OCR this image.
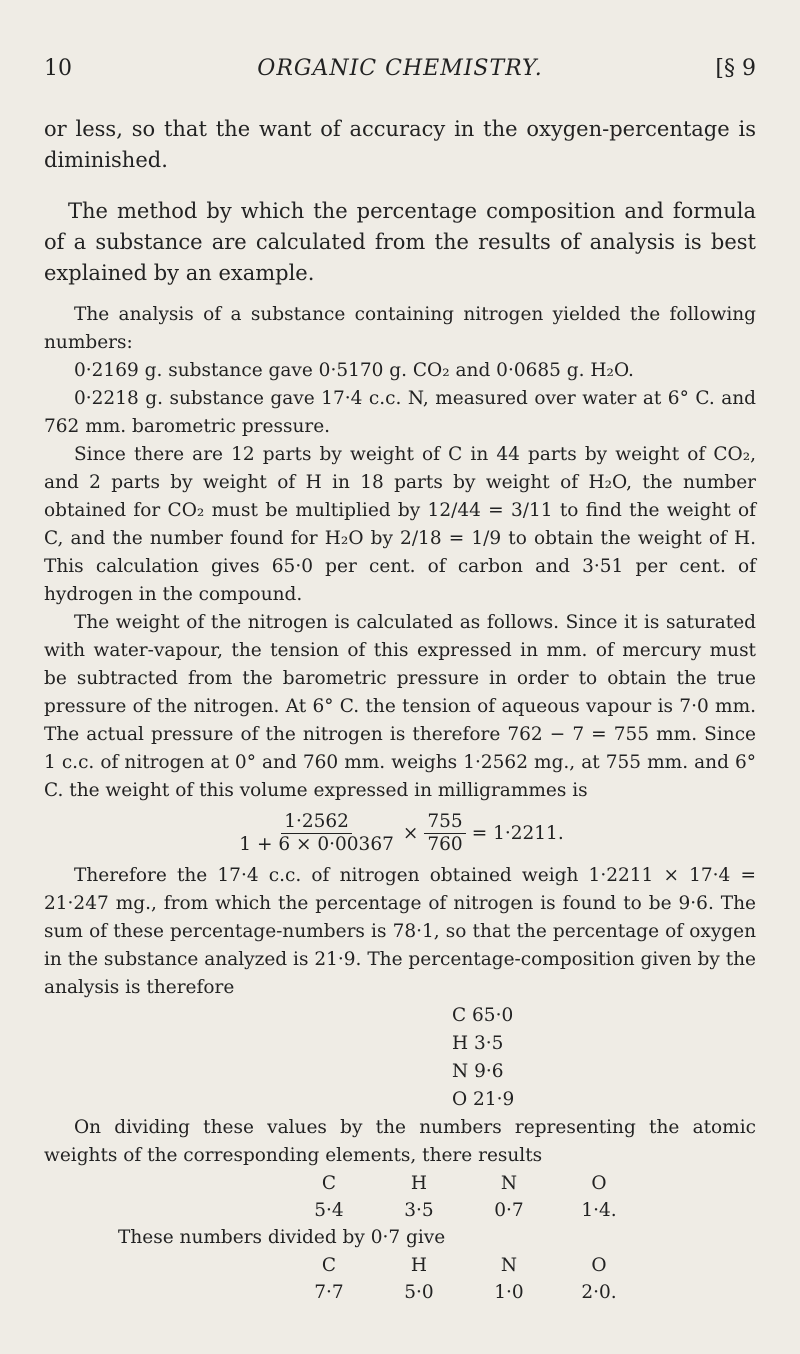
10	ORGANIC CHEMISTRY.	[§ 9

or less, so that the want of accuracy in the oxygen-percentage is diminished.

The method by which the percentage composition and formula of a substance are calculated from the results of analysis is best explained by an example.

The analysis of a substance containing nitrogen yielded the following numbers:

0·2169 g. substance gave 0·5170 g. CO₂ and 0·0685 g. H₂O.

0·2218 g. substance gave 17·4 c.c. N, measured over water at 6° C. and 762 mm. barometric pressure.

Since there are 12 parts by weight of C in 44 parts by weight of CO₂, and 2 parts by weight of H in 18 parts by weight of H₂O, the number obtained for CO₂ must be multiplied by 12/44 = 3/11 to find the weight of C, and the number found for H₂O by 2/18 = 1/9 to obtain the weight of H. This calculation gives 65·0 per cent. of carbon and 3·51 per cent. of hydrogen in the compound.

The weight of the nitrogen is calculated as follows. Since it is saturated with water-vapour, the tension of this expressed in mm. of mercury must be subtracted from the barometric pressure in order to obtain the true pressure of the nitrogen. At 6° C. the tension of aqueous vapour is 7·0 mm. The actual pressure of the nitrogen is therefore 762 − 7 = 755 mm. Since 1 c.c. of nitrogen at 0° and 760 mm. weighs 1·2562 mg., at 755 mm. and 6° C. the weight of this volume expressed in milligrammes is

$\frac{1\cdot 2562}{1 + 6 \times 0\cdot 00367} \times \frac{755}{760} = 1\cdot 2211$.

Therefore the 17·4 c.c. of nitrogen obtained weigh 1·2211 × 17·4 = 21·247 mg., from which the percentage of nitrogen is found to be 9·6. The sum of these percentage-numbers is 78·1, so that the percentage of oxygen in the substance analyzed is 21·9. The percentage-composition given by the analysis is therefore

C 65·0
H 3·5
N 9·6
O 21·9

On dividing these values by the numbers representing the atomic weights of the corresponding elements, there results

C	H	N	O
5·4	3·5	0·7	1·4.

These numbers divided by 0·7 give

C	H	N	O
7·7	5·0	1·0	2·0.
